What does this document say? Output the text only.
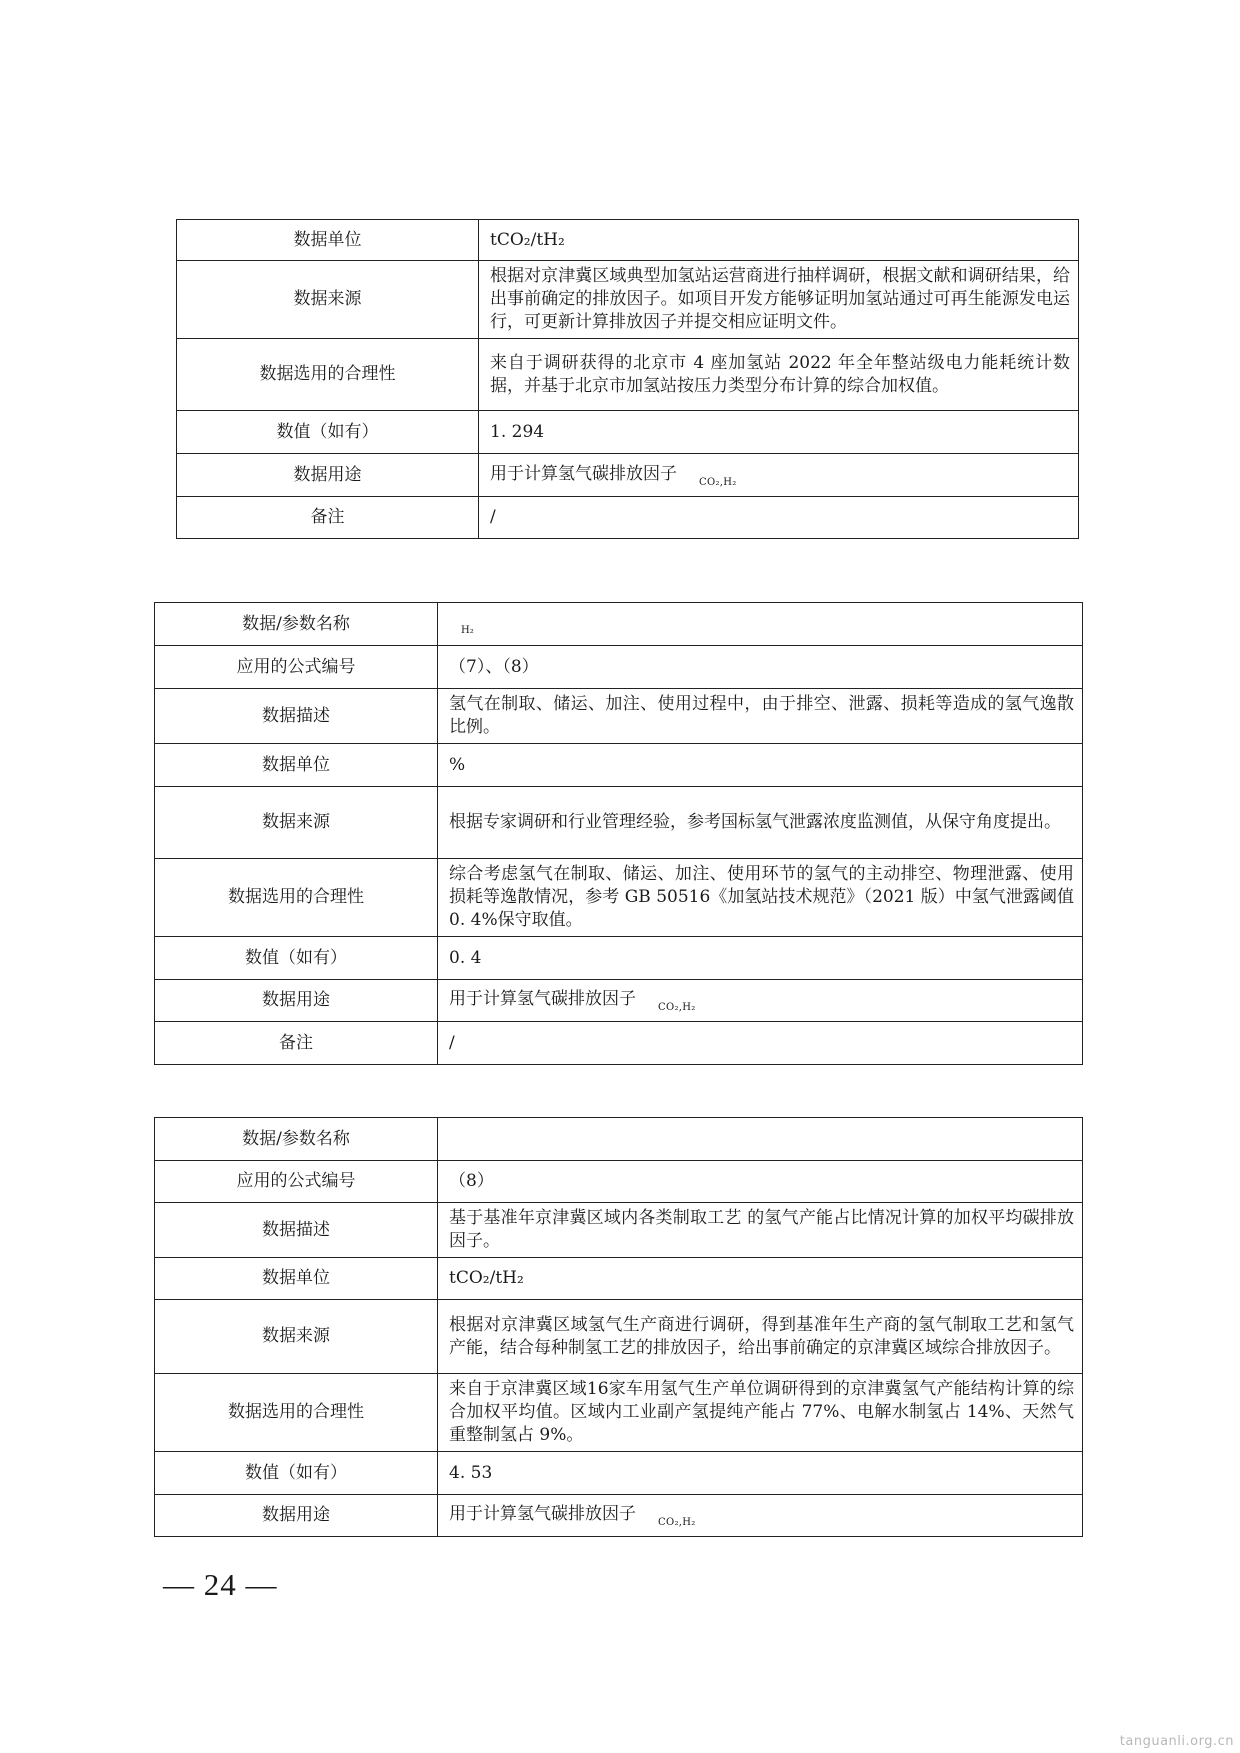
数据单位	tCO₂/tH₂
数据来源	根据对京津冀区域典型加氢站运营商进行抽样调研，根据文献和调研结果，给出事前确定的排放因子。如项目开发方能够证明加氢站通过可再生能源发电运行，可更新计算排放因子并提交相应证明文件。
数据选用的合理性	来自于调研获得的北京市 4 座加氢站 2022 年全年整站级电力能耗统计数据，并基于北京市加氢站按压力类型分布计算的综合加权值。
数值（如有）	1. 294
数据用途	用于计算氢气碳排放因子 $_{CO_2,H_2}$
备注	/
数据/参数名称	$_{H_2}$
应用的公式编号	（7）、（8）
数据描述	氢气在制取、储运、加注、使用过程中，由于排空、泄露、损耗等造成的氢气逸散比例。
数据单位	%
数据来源	根据专家调研和行业管理经验，参考国标氢气泄露浓度监测值，从保守角度提出。
数据选用的合理性	综合考虑氢气在制取、储运、加注、使用环节的氢气的主动排空、物理泄露、使用损耗等逸散情况，参考 GB 50516《加氢站技术规范》（2021 版）中氢气泄露阈值 0. 4%保守取值。
数值（如有）	0. 4
数据用途	用于计算氢气碳排放因子 $_{CO_2,H_2}$
备注	/
数据/参数名称	
应用的公式编号	（8）
数据描述	基于基准年京津冀区域内各类制取工艺 的氢气产能占比情况计算的加权平均碳排放因子。
数据单位	tCO₂/tH₂
数据来源	根据对京津冀区域氢气生产商进行调研，得到基准年生产商的氢气制取工艺和氢气产能，结合每种制氢工艺的排放因子，给出事前确定的京津冀区域综合排放因子。
数据选用的合理性	来自于京津冀区域16家车用氢气生产单位调研得到的京津冀氢气产能结构计算的综合加权平均值。区域内工业副产氢提纯产能占 77%、电解水制氢占 14%、天然气重整制氢占 9%。
数值（如有）	4. 53
数据用途	用于计算氢气碳排放因子 $_{CO_2,H_2}$
— 24 —
tanguanli.org.cn
